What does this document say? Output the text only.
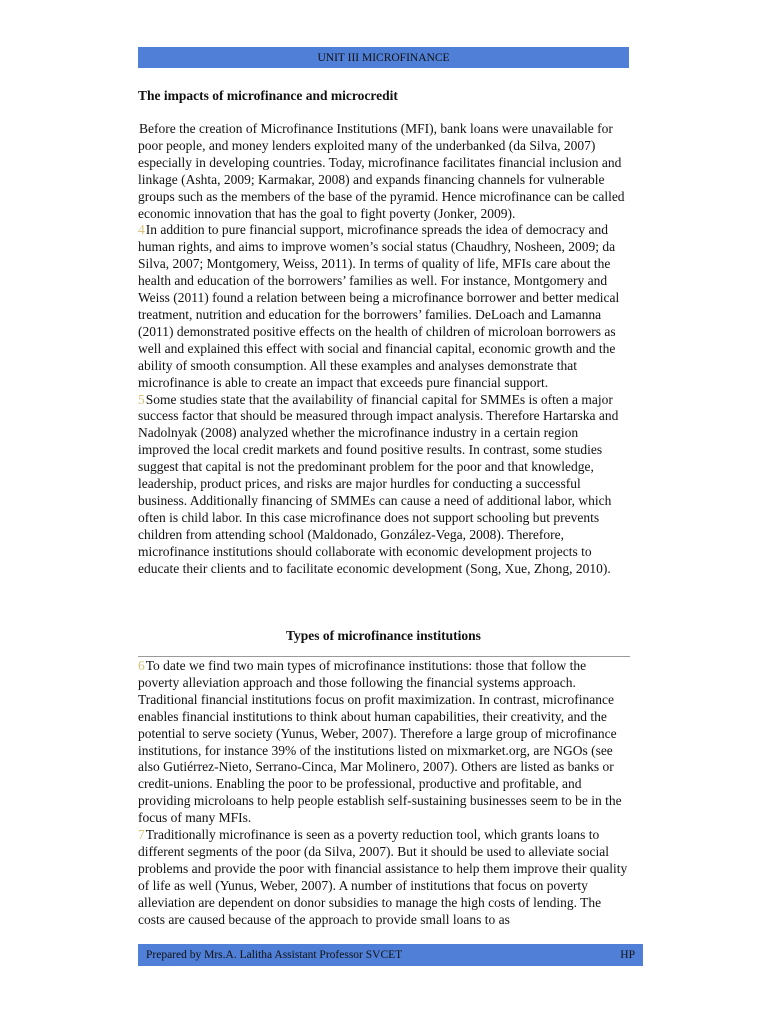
UNIT III MICROFINANCE
The impacts of microfinance and microcredit

Before the creation of Microfinance Institutions (MFI), bank loans were unavailable for poor people, and money lenders exploited many of the underbanked (da Silva, 2007) especially in developing countries. Today, microfinance facilitates financial inclusion and linkage (Ashta, 2009; Karmakar, 2008) and expands financing channels for vulnerable groups such as the members of the base of the pyramid. Hence microfinance can be called economic innovation that has the goal to fight poverty (Jonker, 2009).

4In addition to pure financial support, microfinance spreads the idea of democracy and human rights, and aims to improve women’s social status (Chaudhry, Nosheen, 2009; da Silva, 2007; Montgomery, Weiss, 2011). In terms of quality of life, MFIs care about the health and education of the borrowers’ families as well. For instance, Montgomery and Weiss (2011) found a relation between being a microfinance borrower and better medical treatment, nutrition and education for the borrowers’ families. DeLoach and Lamanna (2011) demonstrated positive effects on the health of children of microloan borrowers as well and explained this effect with social and financial capital, economic growth and the ability of smooth consumption. All these examples and analyses demonstrate that microfinance is able to create an impact that exceeds pure financial support.

5Some studies state that the availability of financial capital for SMMEs is often a major success factor that should be measured through impact analysis. Therefore Hartarska and Nadolnyak (2008) analyzed whether the microfinance industry in a certain region improved the local credit markets and found positive results. In contrast, some studies suggest that capital is not the predominant problem for the poor and that knowledge, leadership, product prices, and risks are major hurdles for conducting a successful business. Additionally financing of SMMEs can cause a need of additional labor, which often is child labor. In this case microfinance does not support schooling but prevents children from attending school (Maldonado, González-Vega, 2008). Therefore, microfinance institutions should collaborate with economic development projects to educate their clients and to facilitate economic development (Song, Xue, Zhong, 2010).

Types of microfinance institutions

6To date we find two main types of microfinance institutions: those that follow the poverty alleviation approach and those following the financial systems approach. Traditional financial institutions focus on profit maximization. In contrast, microfinance enables financial institutions to think about human capabilities, their creativity, and the potential to serve society (Yunus, Weber, 2007). Therefore a large group of microfinance institutions, for instance 39% of the institutions listed on mixmarket.org, are NGOs (see also Gutiérrez-Nieto, Serrano-Cinca, Mar Molinero, 2007). Others are listed as banks or credit-unions. Enabling the poor to be professional, productive and profitable, and providing microloans to help people establish self-sustaining businesses seem to be in the focus of many MFIs.

7Traditionally microfinance is seen as a poverty reduction tool, which grants loans to different segments of the poor (da Silva, 2007). But it should be used to alleviate social problems and provide the poor with financial assistance to help them improve their quality of life as well (Yunus, Weber, 2007). A number of institutions that focus on poverty alleviation are dependent on donor subsidies to manage the high costs of lending. The costs are caused because of the approach to provide small loans to as

Prepared by Mrs.A. Lalitha Assistant Professor SVCET	HP
